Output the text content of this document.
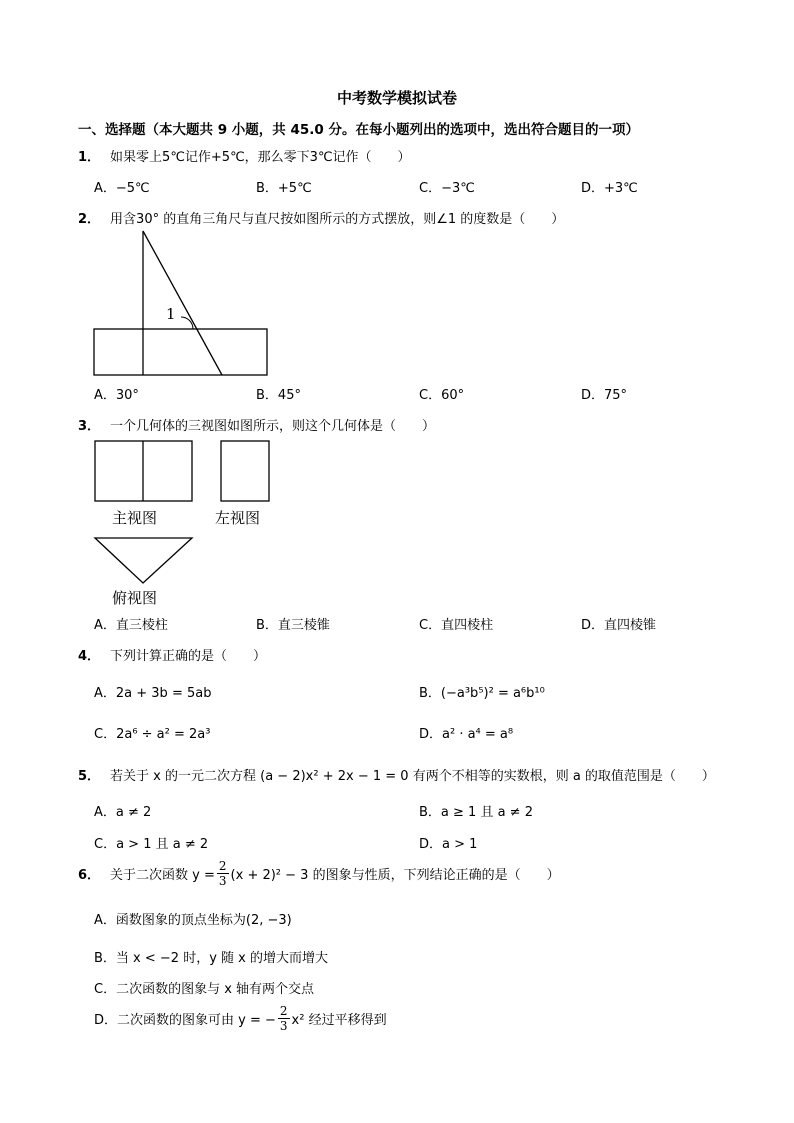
中考数学模拟试卷
一、选择题（本大题共 9 小题，共 45.0 分。在每小题列出的选项中，选出符合题目的一项）
1． 如果零上5℃记作+5℃，那么零下3℃记作（　　）
A．−5℃	B．+5℃	C．−3℃	D．+3℃
2． 用含30° 的直角三角尺与直尺按如图所示的方式摆放，则∠1 的度数是（　　）
1
A．30°	B．45°	C．60°	D．75°
3． 一个几何体的三视图如图所示，则这个几何体是（　　）
主视图	左视图
俯视图
A．直三棱柱	B．直三棱锥	C．直四棱柱	D．直四棱锥
4． 下列计算正确的是（　　）
A．2a + 3b = 5ab	B．(−a³b⁵)² = a⁶b¹⁰
C．2a⁶ ÷ a² = 2a³	D．a² · a⁴ = a⁸
5． 若关于 x 的一元二次方程 (a − 2)x² + 2x − 1 = 0 有两个不相等的实数根，则 a 的取值范围是（　　）
A．a ≠ 2	B．a ≥ 1 且 a ≠ 2
C．a > 1 且 a ≠ 2	D．a > 1
6． 关于二次函数 $y = \frac{2}{3} (x + 2)^2 - 3$ 的图象与性质，下列结论正确的是（　　）
A．函数图象的顶点坐标为(2, −3)
B．当 x < −2 时，y 随 x 的增大而增大
C．二次函数的图象与 x 轴有两个交点
D．二次函数的图象可由 y = − $\frac{2}{3} x^2$ 经过平移得到
